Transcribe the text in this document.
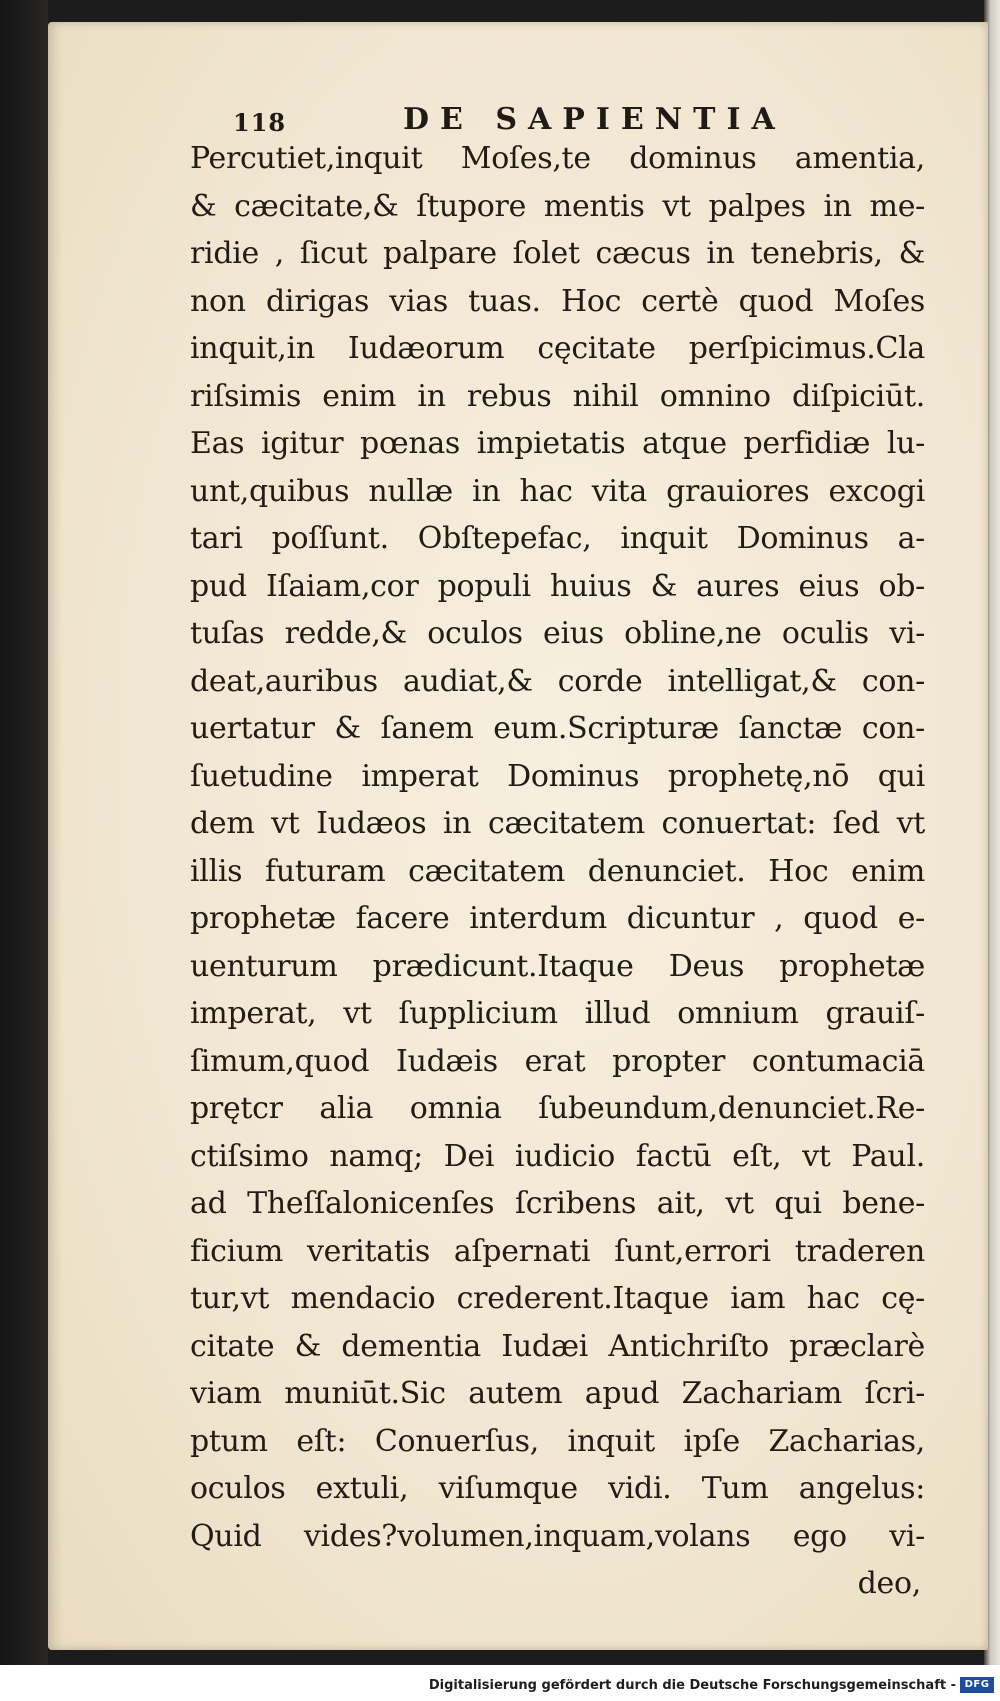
118	DE SAPIENTIA
Percutiet,inquit Moſes,te dominus amentia,
& cæcitate,& ſtupore mentis vt palpes in me-
ridie , ſicut palpare ſolet cæcus in tenebris, &
non dirigas vias tuas. Hoc certè quod Moſes
inquit,in Iudæorum cęcitate perſpicimus.Cla
riſsimis enim in rebus nihil omnino diſpiciūt.
Eas igitur pœnas impietatis atque perfidiæ lu-
unt,quibus nullæ in hac vita grauiores excogi
tari poſſunt. Obſtepefac, inquit Dominus a-
pud Iſaiam,cor populi huius & aures eius ob-
tuſas redde,& oculos eius obline,ne oculis vi-
deat,auribus audiat,& corde intelligat,& con-
uertatur & ſanem eum.Scripturæ ſanctæ con-
ſuetudine imperat Dominus prophetę,nō qui
dem vt Iudæos in cæcitatem conuertat: ſed vt
illis futuram cæcitatem denunciet. Hoc enim
prophetæ facere interdum dicuntur , quod e-
uenturum prædicunt.Itaque Deus prophetæ
imperat, vt ſupplicium illud omnium grauiſ-
ſimum,quod Iudæis erat propter contumaciā
prętcr alia omnia ſubeundum,denunciet.Re-
ctiſsimo namq; Dei iudicio factū eſt, vt Paul.
ad Theſſalonicenſes ſcribens ait, vt qui bene-
ficium veritatis aſpernati ſunt,errori traderen
tur,vt mendacio crederent.Itaque iam hac cę-
citate & dementia Iudæi Antichriſto præclarè
viam muniūt.Sic autem apud Zachariam ſcri-
ptum eſt: Conuerſus, inquit ipſe Zacharias,
oculos extuli, viſumque vidi. Tum angelus:
Quid vides?volumen,inquam,volans ego vi-
deo,
Digitalisierung gefördert durch die Deutsche Forschungsgemeinschaft - DFG
